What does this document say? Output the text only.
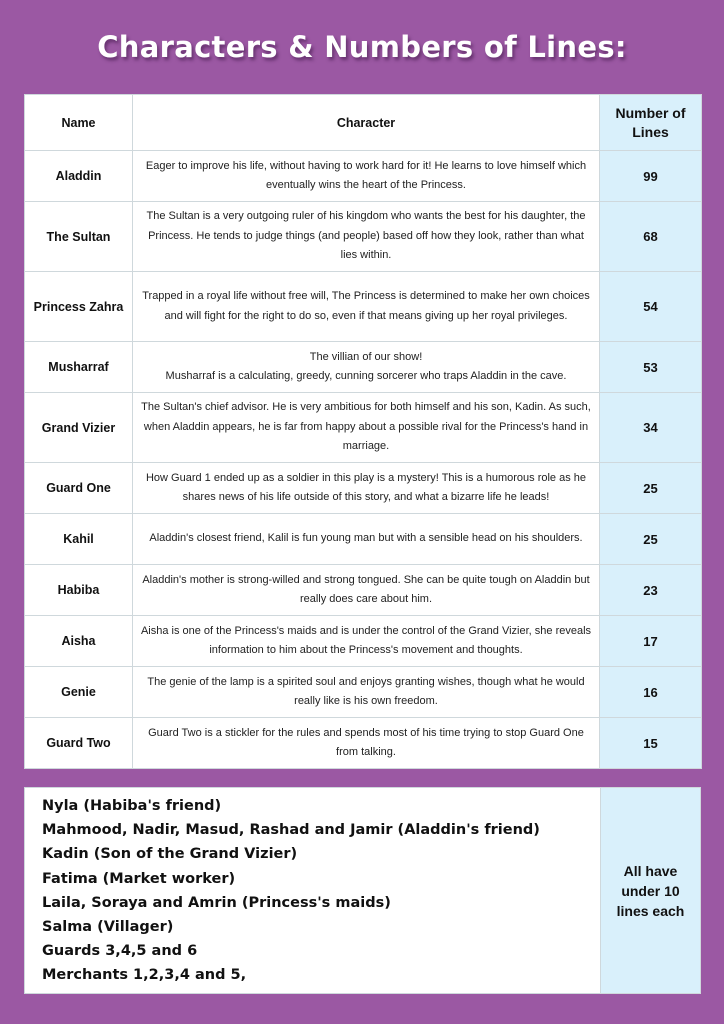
Characters & Numbers of Lines:
Name	Character	Number of Lines
Aladdin	Eager to improve his life, without having to work hard for it! He learns to love himself which eventually wins the heart of the Princess.	99
The Sultan	The Sultan is a very outgoing ruler of his kingdom who wants the best for his daughter, the Princess. He tends to judge things (and people) based off how they look, rather than what lies within.	68
Princess Zahra	Trapped in a royal life without free will, The Princess is determined to make her own choices and will fight for the right to do so, even if that means giving up her royal privileges.	54
Musharraf	The villian of our show!
Musharraf is a calculating, greedy, cunning sorcerer who traps Aladdin in the cave.	53
Grand Vizier	The Sultan's chief advisor. He is very ambitious for both himself and his son, Kadin. As such, when Aladdin appears, he is far from happy about a possible rival for the Princess's hand in marriage.	34
Guard One	How Guard 1 ended up as a soldier in this play is a mystery! This is a humorous role as he shares news of his life outside of this story, and what a bizarre life he leads!	25
Kahil	Aladdin's closest friend, Kalil is fun young man but with a sensible head on his shoulders.	25
Habiba	Aladdin's mother is strong-willed and strong tongued. She can be quite tough on Aladdin but really does care about him.	23
Aisha	Aisha is one of the Princess's maids and is under the control of the Grand Vizier, she reveals information to him about the Princess's movement and thoughts.	17
Genie	The genie of the lamp is a spirited soul and enjoys granting wishes, though what he would really like is his own freedom.	16
Guard Two	Guard Two is a stickler for the rules and spends most of his time trying to stop Guard One from talking.	15
Nyla (Habiba's friend)
Mahmood, Nadir, Masud, Rashad and Jamir (Aladdin's friend)
Kadin (Son of the Grand Vizier)
Fatima (Market worker)
Laila, Soraya and Amrin (Princess's maids)
Salma (Villager)
Guards 3,4,5 and 6
Merchants 1,2,3,4 and 5,
All have under 10 lines each
